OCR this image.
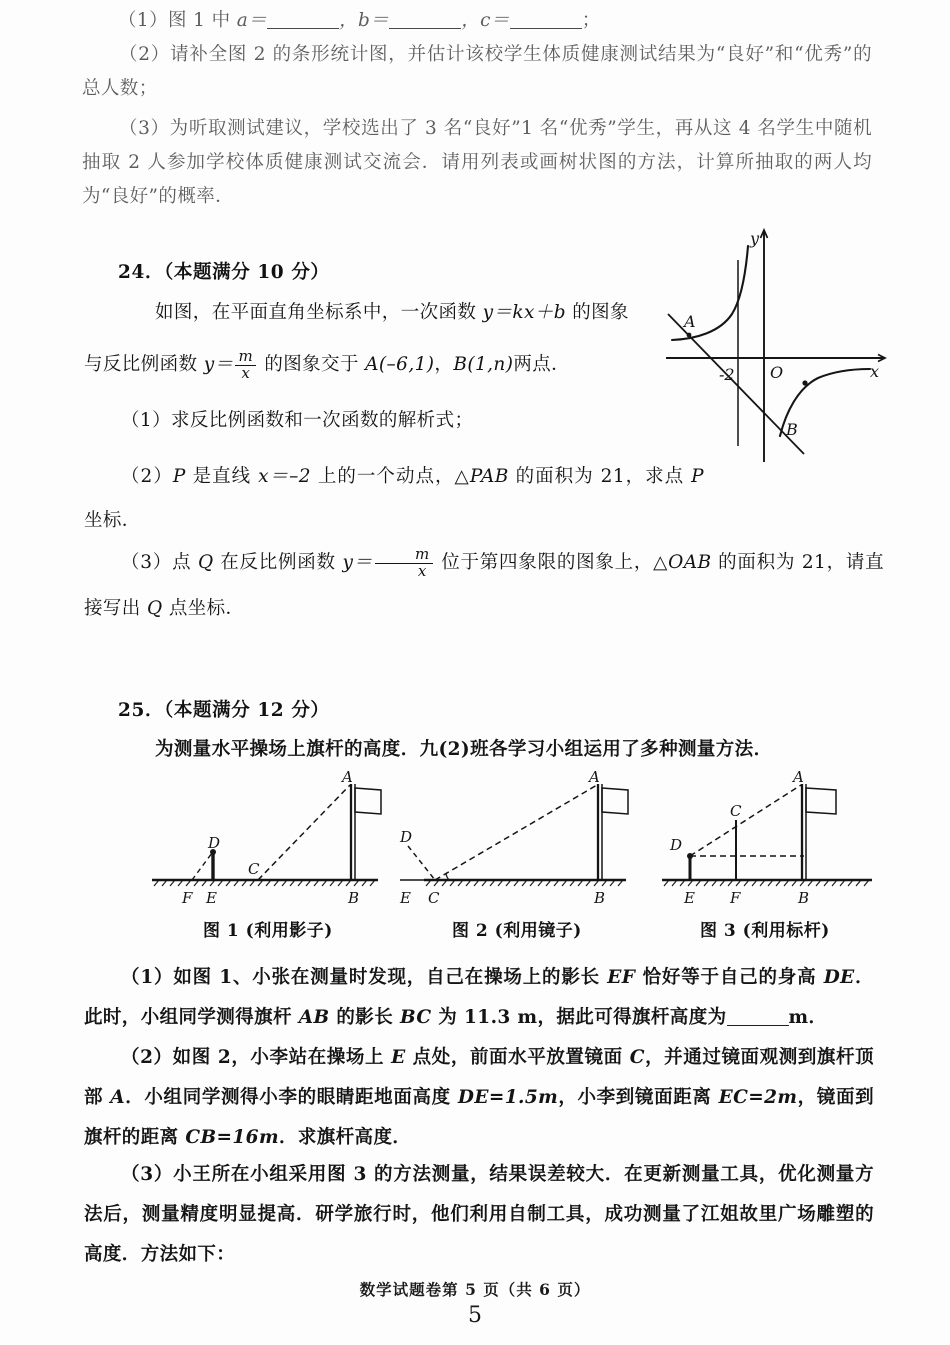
（1）图 1 中 a＝	，b＝	，c＝	；
（2）请补全图 2 的条形统计图，并估计该校学生体质健康测试结果为“良好”和“优秀”的总人数；
（3）为听取测试建议，学校选出了 3 名“良好”1 名“优秀”学生，再从这 4 名学生中随机抽取 2 人参加学校体质健康测试交流会．请用列表或画树状图的方法，计算所抽取的两人均为“良好”的概率．
24．（本题满分 10 分）
如图，在平面直角坐标系中，一次函数 y＝kx＋b 的图象
与反比例函数 $y= \frac{m}{x}$ 的图象交于 A(–6,1)，B(1,n)两点．
（1）求反比例函数和一次函数的解析式；
（2）P 是直线 x＝–2 上的一个动点，△PAB 的面积为 21，求点 P 坐标．
（3）点 Q 在反比例函数 $y= \frac{m}{x}$ 位于第四象限的图象上，△OAB 的面积为 21，请直接写出 Q 点坐标．
A
B
-2 O	x
y
25．（本题满分 12 分）
为测量水平操场上旗杆的高度．九(2)班各学习小组运用了多种测量方法．
A
D
C
F E	B
图 1 (利用影子)
A
D
E C	B
图 2 (利用镜子)
A
C
D
E F	B
图 3 (利用标杆)
（1）如图 1、小张在测量时发现，自己在操场上的影长 EF 恰好等于自己的身高 DE．此时，小组同学测得旗杆 AB 的影长 BC 为 11.3 m，据此可得旗杆高度为	m．
（2）如图 2，小李站在操场上 E 点处，前面水平放置镜面 C，并通过镜面观测到旗杆顶部 A．小组同学测得小李的眼睛距地面高度 DE=1.5m，小李到镜面距离 EC=2m，镜面到旗杆的距离 CB=16m．求旗杆高度．
（3）小王所在小组采用图 3 的方法测量，结果误差较大．在更新测量工具，优化测量方法后，测量精度明显提高．研学旅行时，他们利用自制工具，成功测量了江姐故里广场雕塑的高度．方法如下：
数学试题卷第 5 页（共 6 页）
5
